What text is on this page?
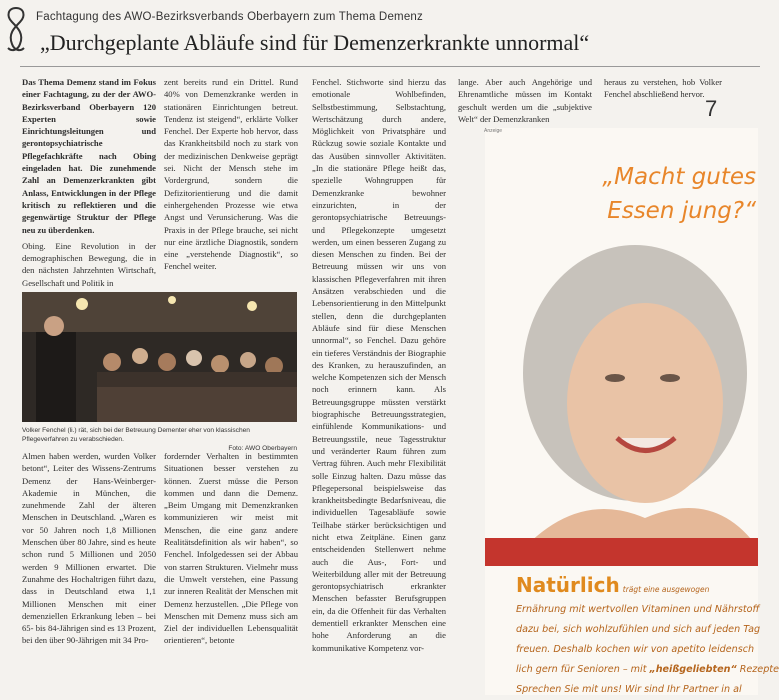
Fachtagung des AWO-Bezirksverbands Oberbayern zum Thema Demenz
„Durchgeplante Abläufe sind für Demenzerkrankte unnormal“

Das Thema Demenz stand im Fokus einer Fachtagung, zu der der AWO-Bezirksverband Oberbayern 120 Experten sowie Einrichtungsleitungen und gerontopsychiatrische Pflegefachkräfte nach Obing eingeladen hat. Die zunehmende Zahl an Demenzerkrankten gibt Anlass, Entwicklungen in der Pflege kritisch zu reflektieren und die gegenwärtige Struktur der Pflege neu zu überdenken.

Obing. Eine Revolution in der demographischen Bewegung, die in den nächsten Jahrzehnten Wirtschaft, Gesellschaft und Politik in

zent bereits rund ein Drittel. Rund 40% von Demenzkranke werden in stationären Einrichtungen betreut. Tendenz ist steigend“, erklärte Volker Fenchel. Der Experte hob hervor, dass das Krankheitsbild noch zu stark von der medizinischen Denkweise geprägt sei. Nicht der Mensch stehe im Vordergrund, sondern die Defizitorientierung und die damit einhergehenden Prozesse wie etwa Angst und Verunsicherung. Was die Praxis in der Pflege brauche, sei nicht nur eine ärztliche Diagnostik, sondern eine „verstehende Diagnostik“, so Fenchel weiter.

Volker Fenchel (li.) rät, sich bei der Betreuung Dementer eher von klassischen Pflegeverfahren zu verabschieden.
Foto: AWO Oberbayern

Almen haben werden, wurden Volker betont“, Leiter des Wissens-Zentrums Demenz der Hans-Weinberger-Akademie in München, die zunehmende Zahl der älteren Menschen in Deutschland. „Waren es vor 50 Jahren noch 1,8 Millionen Menschen über 80 Jahre, sind es heute schon rund 5 Millionen und 2050 werden 9 Millionen erwartet. Die Zunahme des Hochaltrigen führt dazu, dass in Deutschland etwa 1,1 Millionen Menschen mit einer demenziellen Erkrankung leben – bei 65- bis 84-Jährigen sind es 13 Prozent, bei den über 90-Jährigen mit 34 Pro-

fordernder Verhalten in bestimmten Situationen besser verstehen zu können. Zuerst müsse die Person kommen und dann die Demenz. „Beim Umgang mit Demenzkranken kommunizieren wir meist mit Menschen, die eine ganz andere Realitätsdefinition als wir haben“, so Fenchel. Infolgedessen sei der Abbau von starren Strukturen. Vielmehr muss die Umwelt verstehen, eine Passung zur inneren Realität der Menschen mit Demenz herzustellen. „Die Pflege von Menschen mit Demenz muss sich am Ziel der individuellen Lebensqualität orientieren“, betonte

Fenchel. Stichworte sind hierzu das emotionale Wohlbefinden, Selbstbestimmung, Selbstachtung, Wertschätzung durch andere, Möglichkeit von Privatsphäre und Rückzug sowie soziale Kontakte und das Ausüben sinnvoller Aktivitäten. „In die stationäre Pflege heißt das, spezielle Wohngruppen für Demenzkranke bewohner einzurichten, in der gerontopsychiatrische Betreuungs- und Pflegekonzepte umgesetzt werden, um einen besseren Zugang zu diesen Menschen zu finden. Bei der Betreuung müssen wir uns von klassischen Pflegeverfahren mit ihren Ansätzen verabschieden und die Lebensorientierung in den Mittelpunkt stellen, denn die durchgeplanten Abläufe sind für diese Menschen unnormal“, so Fenchel. Dazu gehöre ein tieferes Verständnis der Biographie des Kranken, zu herauszufinden, an welche Kompetenzen sich der Mensch noch erinnern kann. Als Betreuungsgruppe müssten verstärkt biographische Betreuungsstrategien, einfühlende Kommunikations- und Betreuungsstile, neue Tagesstruktur und veränderter Raum führen zum Vertrag führen. Auch mehr Flexibilität solle Einzug halten. Dazu müsse das Pflegepersonal beispielsweise das krankheitsbedingte Bedarfsniveau, die individuellen Tagesabläufe sowie Teilhabe stärker berücksichtigen und nicht etwa Zeitpläne. Einen ganz entscheidenden Stellenwert nehme auch die Aus-, Fort- und Weiterbildung aller mit der Betreuung gerontopsychiatrisch erkrankter Menschen befasster Berufsgruppen ein, da die Offenheit für das Verhalten dementiell erkrankter Menschen eine hohe Anforderung an die kommunikative Kompetenz vor-

lange. Aber auch Angehörige und Ehrenamtliche müssen im Kontakt geschult werden um die „subjektive Welt“ der Demenzkranken

heraus zu verstehen, hob Volker Fenchel abschließend hervor.

7
Anzeige
„Macht gutes
Essen jung?“
Natürlich trägt eine ausgewogen
Ernährung mit wertvollen Vitaminen und Nährstoff
dazu bei, sich wohlzufühlen und sich auf jeden Tag
freuen. Deshalb kochen wir von apetito leidensch
lich gern für Senioren – mit „heißgeliebten“ Rezepte
Sprechen Sie mit uns! Wir sind Ihr Partner in al
